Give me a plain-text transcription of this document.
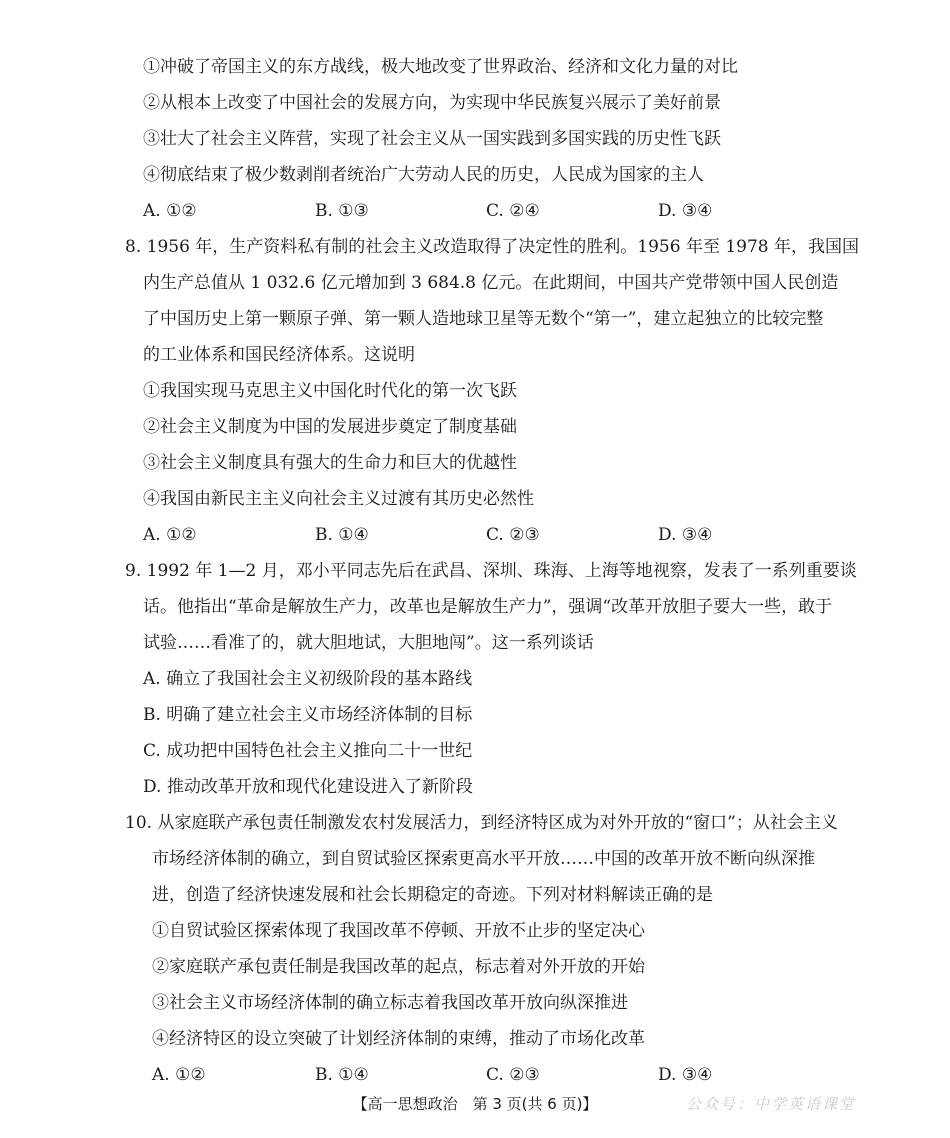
①冲破了帝国主义的东方战线，极大地改变了世界政治、经济和文化力量的对比
②从根本上改变了中国社会的发展方向，为实现中华民族复兴展示了美好前景
③壮大了社会主义阵营，实现了社会主义从一国实践到多国实践的历史性飞跃
④彻底结束了极少数剥削者统治广大劳动人民的历史，人民成为国家的主人
A. ①②	B. ①③	C. ②④	D. ③④
8. 1956 年，生产资料私有制的社会主义改造取得了决定性的胜利。1956 年至 1978 年，我国国
内生产总值从 1 032.6 亿元增加到 3 684.8 亿元。在此期间，中国共产党带领中国人民创造
了中国历史上第一颗原子弹、第一颗人造地球卫星等无数个“第一”，建立起独立的比较完整
的工业体系和国民经济体系。这说明
①我国实现马克思主义中国化时代化的第一次飞跃
②社会主义制度为中国的发展进步奠定了制度基础
③社会主义制度具有强大的生命力和巨大的优越性
④我国由新民主主义向社会主义过渡有其历史必然性
A. ①②	B. ①④	C. ②③	D. ③④
9. 1992 年 1—2 月，邓小平同志先后在武昌、深圳、珠海、上海等地视察，发表了一系列重要谈
话。他指出“革命是解放生产力，改革也是解放生产力”，强调“改革开放胆子要大一些，敢于
试验……看准了的，就大胆地试，大胆地闯”。这一系列谈话
A. 确立了我国社会主义初级阶段的基本路线
B. 明确了建立社会主义市场经济体制的目标
C. 成功把中国特色社会主义推向二十一世纪
D. 推动改革开放和现代化建设进入了新阶段
10. 从家庭联产承包责任制激发农村发展活力，到经济特区成为对外开放的“窗口”；从社会主义
市场经济体制的确立，到自贸试验区探索更高水平开放……中国的改革开放不断向纵深推
进，创造了经济快速发展和社会长期稳定的奇迹。下列对材料解读正确的是
①自贸试验区探索体现了我国改革不停顿、开放不止步的坚定决心
②家庭联产承包责任制是我国改革的起点，标志着对外开放的开始
③社会主义市场经济体制的确立标志着我国改革开放向纵深推进
④经济特区的设立突破了计划经济体制的束缚，推动了市场化改革
A. ①②	B. ①④	C. ②③	D. ③④
【高一思想政治　第 3 页(共 6 页)】	公众号：中学英语课堂
